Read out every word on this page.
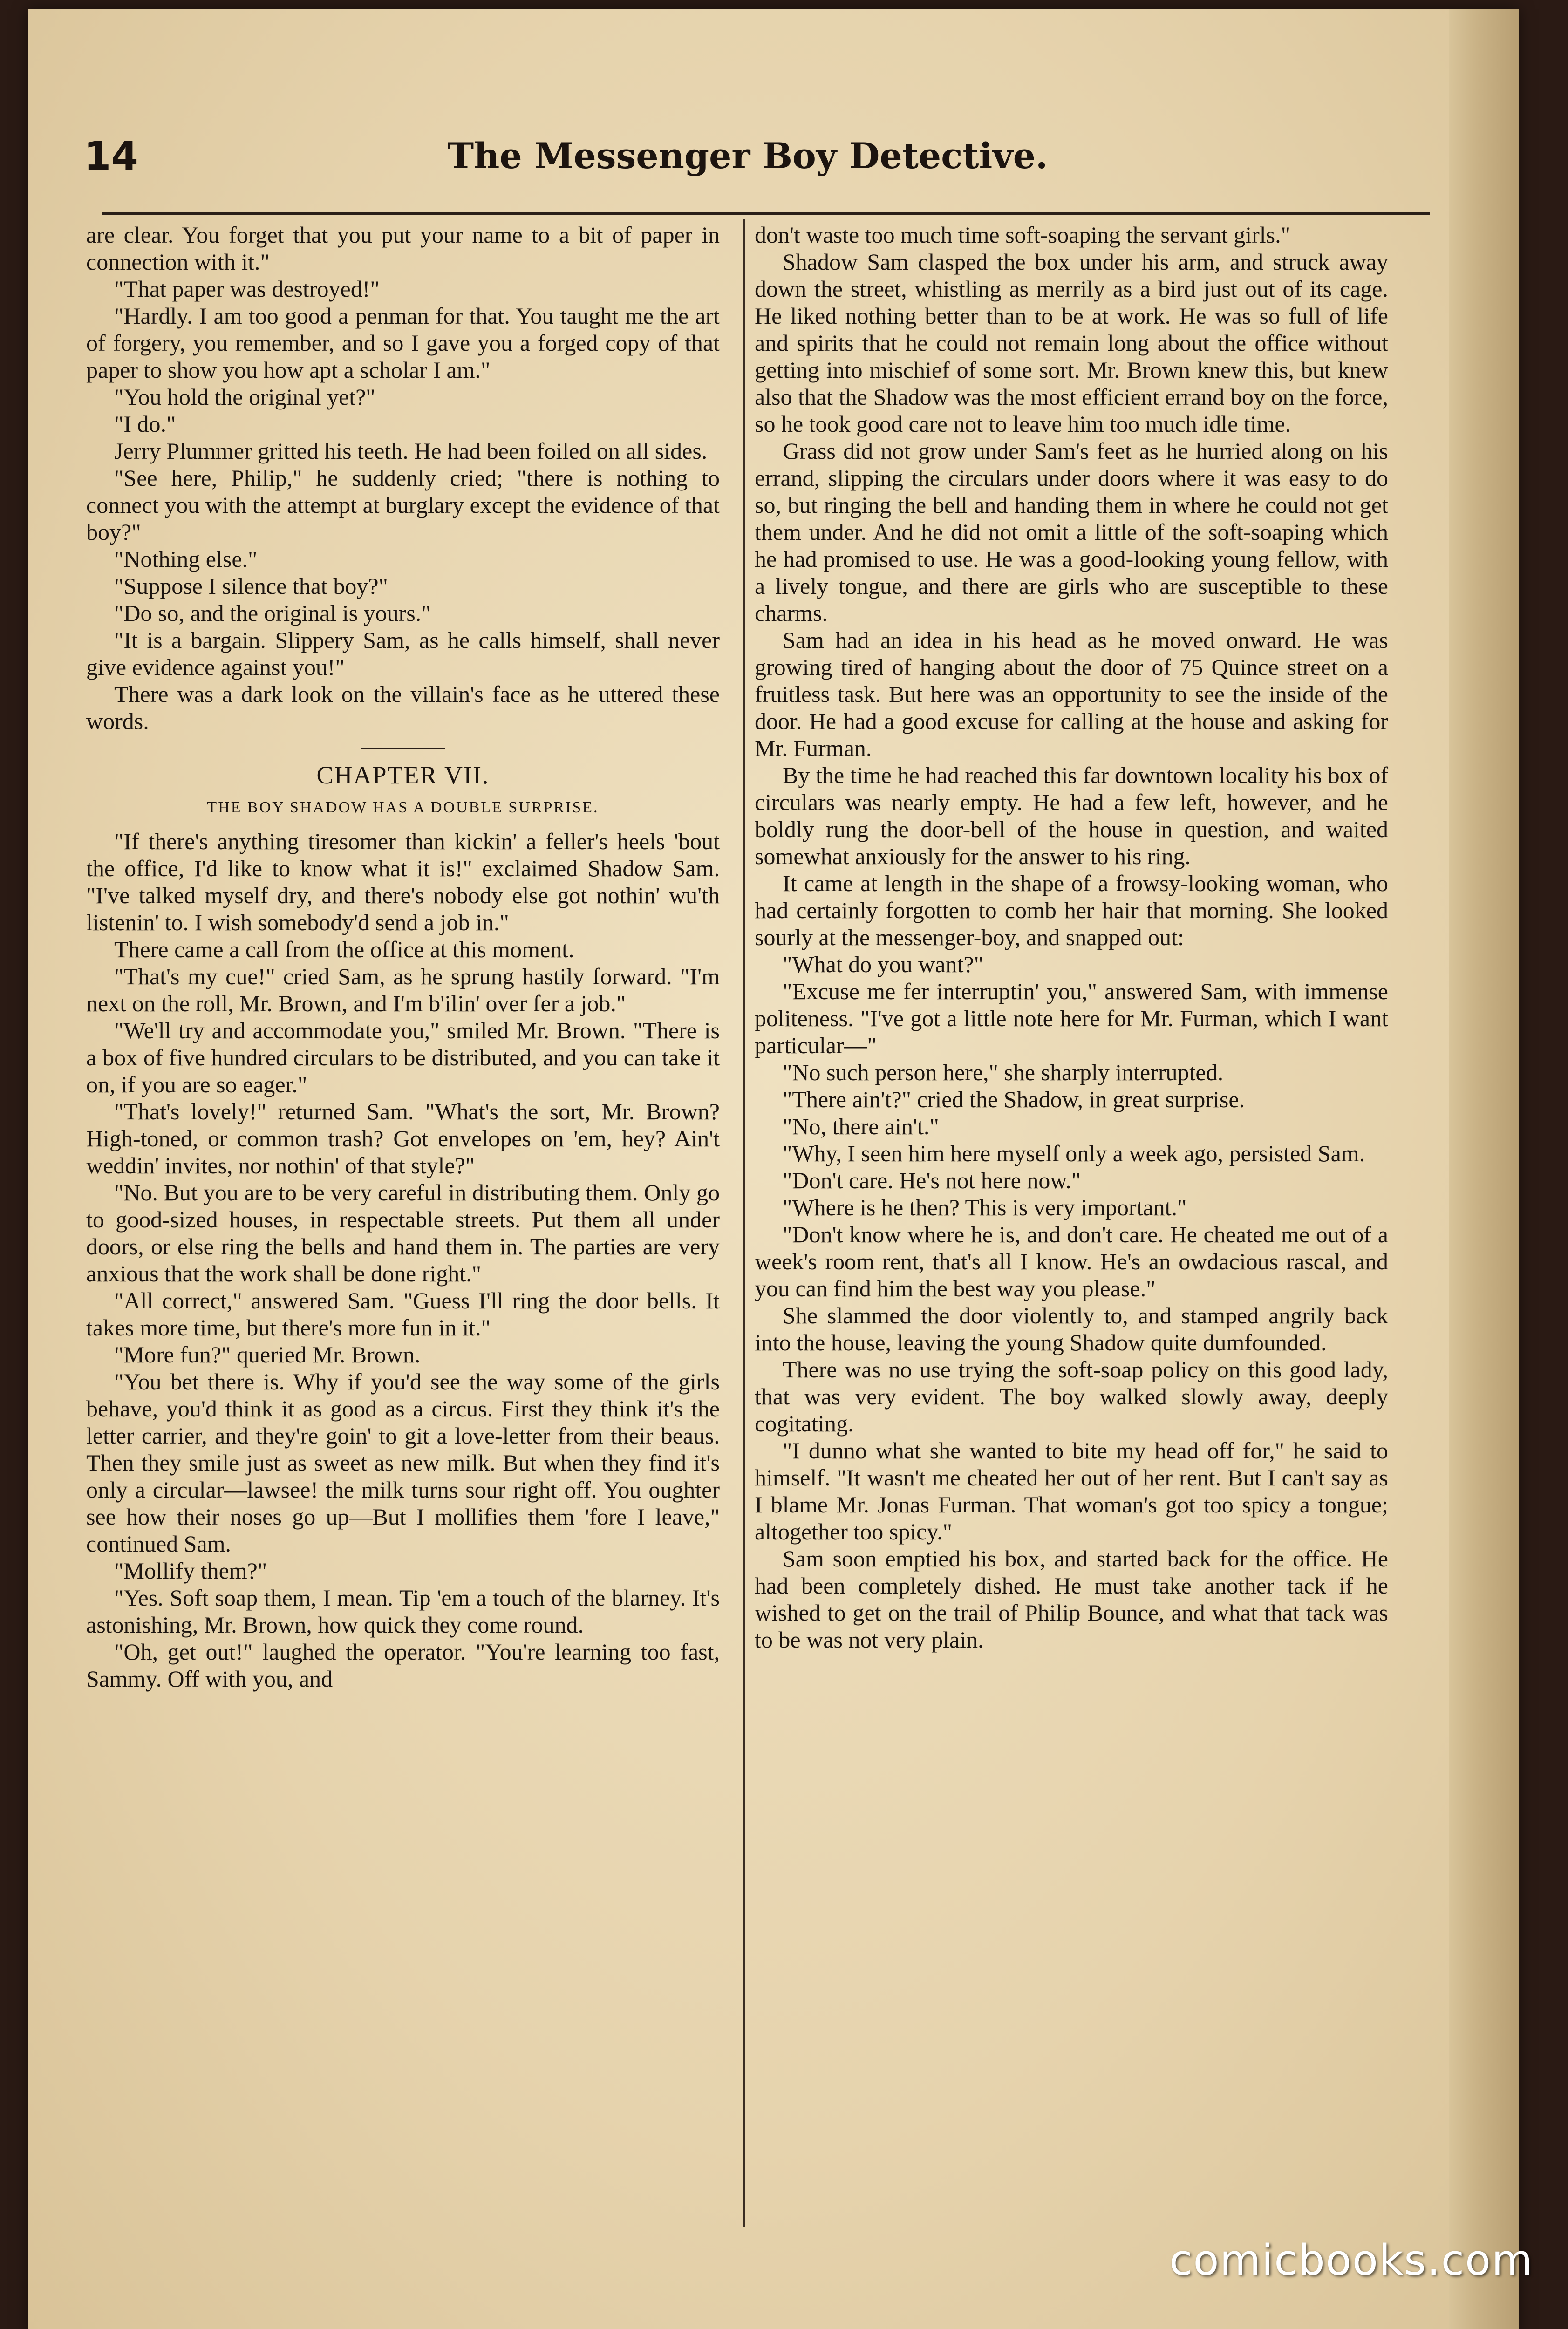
14	The Messenger Boy Detective.

are clear. You forget that you put your name to a bit of paper in connection with it."

"That paper was destroyed!"

"Hardly. I am too good a penman for that. You taught me the art of forgery, you remember, and so I gave you a forged copy of that paper to show you how apt a scholar I am."

"You hold the original yet?"

"I do."

Jerry Plummer gritted his teeth. He had been foiled on all sides.

"See here, Philip," he suddenly cried; "there is nothing to connect you with the attempt at burglary except the evidence of that boy?"

"Nothing else."

"Suppose I silence that boy?"

"Do so, and the original is yours."

"It is a bargain. Slippery Sam, as he calls himself, shall never give evidence against you!"

There was a dark look on the villain's face as he uttered these words.

CHAPTER VII.
THE BOY SHADOW HAS A DOUBLE SURPRISE.

"If there's anything tiresomer than kickin' a feller's heels 'bout the office, I'd like to know what it is!" exclaimed Shadow Sam. "I've talked myself dry, and there's nobody else got nothin' wu'th listenin' to. I wish somebody'd send a job in."

There came a call from the office at this moment.

"That's my cue!" cried Sam, as he sprung hastily forward. "I'm next on the roll, Mr. Brown, and I'm b'ilin' over fer a job."

"We'll try and accommodate you," smiled Mr. Brown. "There is a box of five hundred circulars to be distributed, and you can take it on, if you are so eager."

"That's lovely!" returned Sam. "What's the sort, Mr. Brown? High-toned, or common trash? Got envelopes on 'em, hey? Ain't weddin' invites, nor nothin' of that style?"

"No. But you are to be very careful in distributing them. Only go to good-sized houses, in respectable streets. Put them all under doors, or else ring the bells and hand them in. The parties are very anxious that the work shall be done right."

"All correct," answered Sam. "Guess I'll ring the door bells. It takes more time, but there's more fun in it."

"More fun?" queried Mr. Brown.

"You bet there is. Why if you'd see the way some of the girls behave, you'd think it as good as a circus. First they think it's the letter carrier, and they're goin' to git a love-letter from their beaus. Then they smile just as sweet as new milk. But when they find it's only a circular—lawsee! the milk turns sour right off. You oughter see how their noses go up—But I mollifies them 'fore I leave," continued Sam.

"Mollify them?"

"Yes. Soft soap them, I mean. Tip 'em a touch of the blarney. It's astonishing, Mr. Brown, how quick they come round.

"Oh, get out!" laughed the operator. "You're learning too fast, Sammy. Off with you, and

don't waste too much time soft-soaping the servant girls."

Shadow Sam clasped the box under his arm, and struck away down the street, whistling as merrily as a bird just out of its cage. He liked nothing better than to be at work. He was so full of life and spirits that he could not remain long about the office without getting into mischief of some sort. Mr. Brown knew this, but knew also that the Shadow was the most efficient errand boy on the force, so he took good care not to leave him too much idle time.

Grass did not grow under Sam's feet as he hurried along on his errand, slipping the circulars under doors where it was easy to do so, but ringing the bell and handing them in where he could not get them under. And he did not omit a little of the soft-soaping which he had promised to use. He was a good-looking young fellow, with a lively tongue, and there are girls who are susceptible to these charms.

Sam had an idea in his head as he moved onward. He was growing tired of hanging about the door of 75 Quince street on a fruitless task. But here was an opportunity to see the inside of the door. He had a good excuse for calling at the house and asking for Mr. Furman.

By the time he had reached this far downtown locality his box of circulars was nearly empty. He had a few left, however, and he boldly rung the door-bell of the house in question, and waited somewhat anxiously for the answer to his ring.

It came at length in the shape of a frowsy-looking woman, who had certainly forgotten to comb her hair that morning. She looked sourly at the messenger-boy, and snapped out:

"What do you want?"

"Excuse me fer interruptin' you," answered Sam, with immense politeness. "I've got a little note here for Mr. Furman, which I want particular—"

"No such person here," she sharply interrupted.

"There ain't?" cried the Shadow, in great surprise.

"No, there ain't."

"Why, I seen him here myself only a week ago, persisted Sam.

"Don't care. He's not here now."

"Where is he then? This is very important."

"Don't know where he is, and don't care. He cheated me out of a week's room rent, that's all I know. He's an owdacious rascal, and you can find him the best way you please."

She slammed the door violently to, and stamped angrily back into the house, leaving the young Shadow quite dumfounded.

There was no use trying the soft-soap policy on this good lady, that was very evident. The boy walked slowly away, deeply cogitating.

"I dunno what she wanted to bite my head off for," he said to himself. "It wasn't me cheated her out of her rent. But I can't say as I blame Mr. Jonas Furman. That woman's got too spicy a tongue; altogether too spicy."

Sam soon emptied his box, and started back for the office. He had been completely dished. He must take another tack if he wished to get on the trail of Philip Bounce, and what that tack was to be was not very plain.

comicbooks.com
